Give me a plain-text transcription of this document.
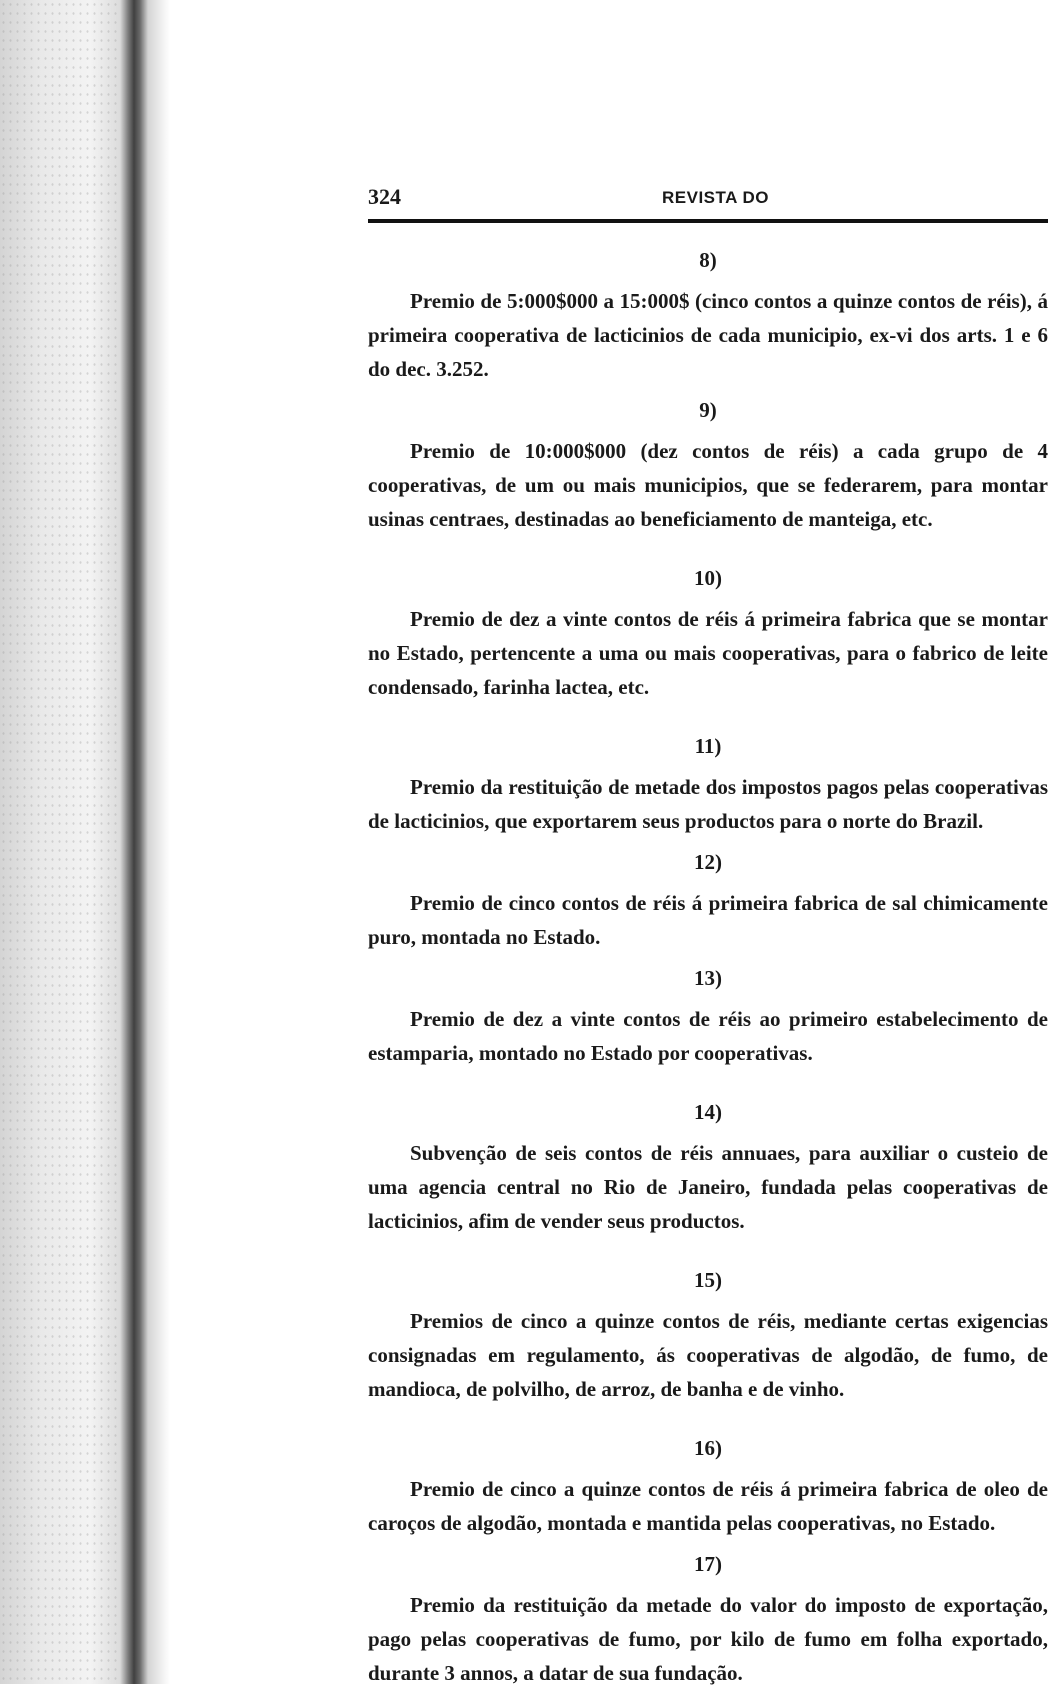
324	REVISTA DO
8)

Premio de 5:000$000 a 15:000$ (cinco contos a quinze contos de réis), á primeira cooperativa de lacticinios de cada municipio, ex-vi dos arts. 1 e 6 do dec. 3.252.

9)

Premio de 10:000$000 (dez contos de réis) a cada grupo de 4 cooperativas, de um ou mais municipios, que se federarem, para montar usinas centraes, destinadas ao beneficiamento de manteiga, etc.

10)

Premio de dez a vinte contos de réis á primeira fabrica que se montar no Estado, pertencente a uma ou mais cooperativas, para o fabrico de leite condensado, farinha lactea, etc.

11)

Premio da restituição de metade dos impostos pagos pelas cooperativas de lacticinios, que exportarem seus productos para o norte do Brazil.

12)

Premio de cinco contos de réis á primeira fabrica de sal chimicamente puro, montada no Estado.

13)

Premio de dez a vinte contos de réis ao primeiro estabelecimento de estamparia, montado no Estado por cooperativas.

14)

Subvenção de seis contos de réis annuaes, para auxiliar o custeio de uma agencia central no Rio de Janeiro, fundada pelas cooperativas de lacticinios, afim de vender seus productos.

15)

Premios de cinco a quinze contos de réis, mediante certas exigencias consignadas em regulamento, ás cooperativas de algodão, de fumo, de mandioca, de polvilho, de arroz, de banha e de vinho.

16)

Premio de cinco a quinze contos de réis á primeira fabrica de oleo de caroços de algodão, montada e mantida pelas cooperativas, no Estado.

17)

Premio da restituição da metade do valor do imposto de exportação, pago pelas cooperativas de fumo, por kilo de fumo em folha exportado, durante 3 annos, a datar de sua fundação.
